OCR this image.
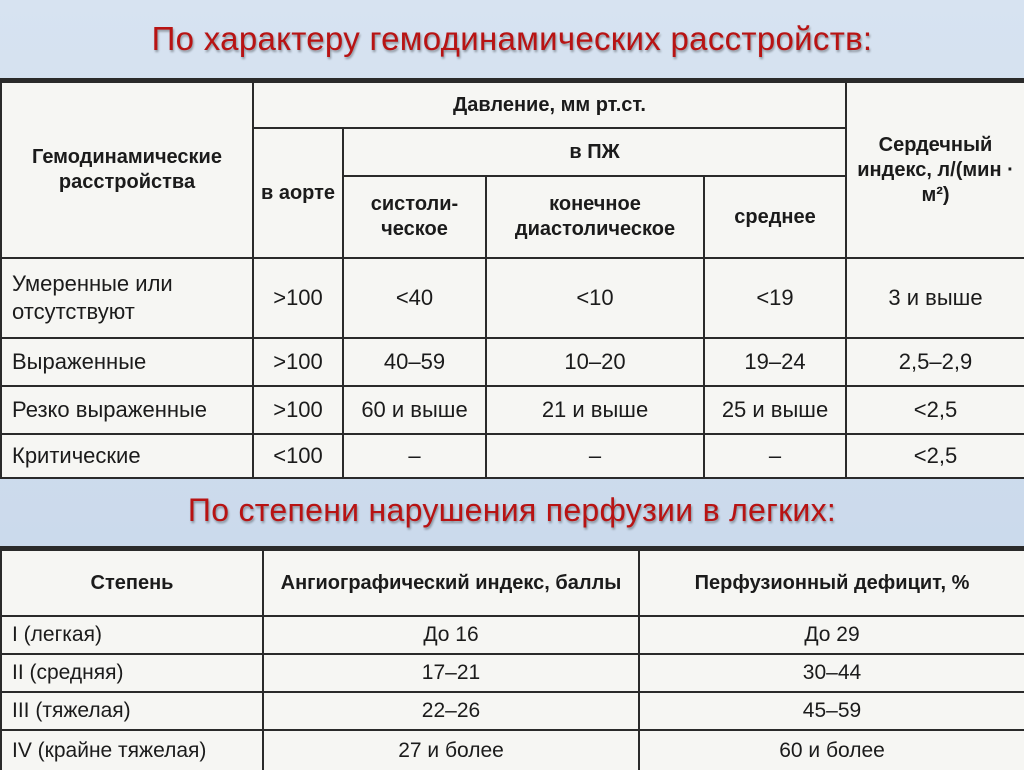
По характеру гемодинамических расстройств:
Гемодинамические расстройства	Давление, мм рт.ст.				Сердечный индекс, л/(мин · м²)
	в аорте	в ПЖ			
		систоли-ческое	конечное диастолическое	среднее	
Умеренные или отсутствуют	>100	<40	<10	<19	3 и выше
Выраженные	>100	40–59	10–20	19–24	2,5–2,9
Резко выраженные	>100	60 и выше	21 и выше	25 и выше	<2,5
Критические	<100	–	–	–	<2,5
По степени нарушения перфузии в легких:
Степень	Ангиографический индекс, баллы	Перфузионный дефицит, %
I (легкая)	До 16	До 29
II (средняя)	17–21	30–44
III (тяжелая)	22–26	45–59
IV (крайне тяжелая)	27 и более	60 и более
